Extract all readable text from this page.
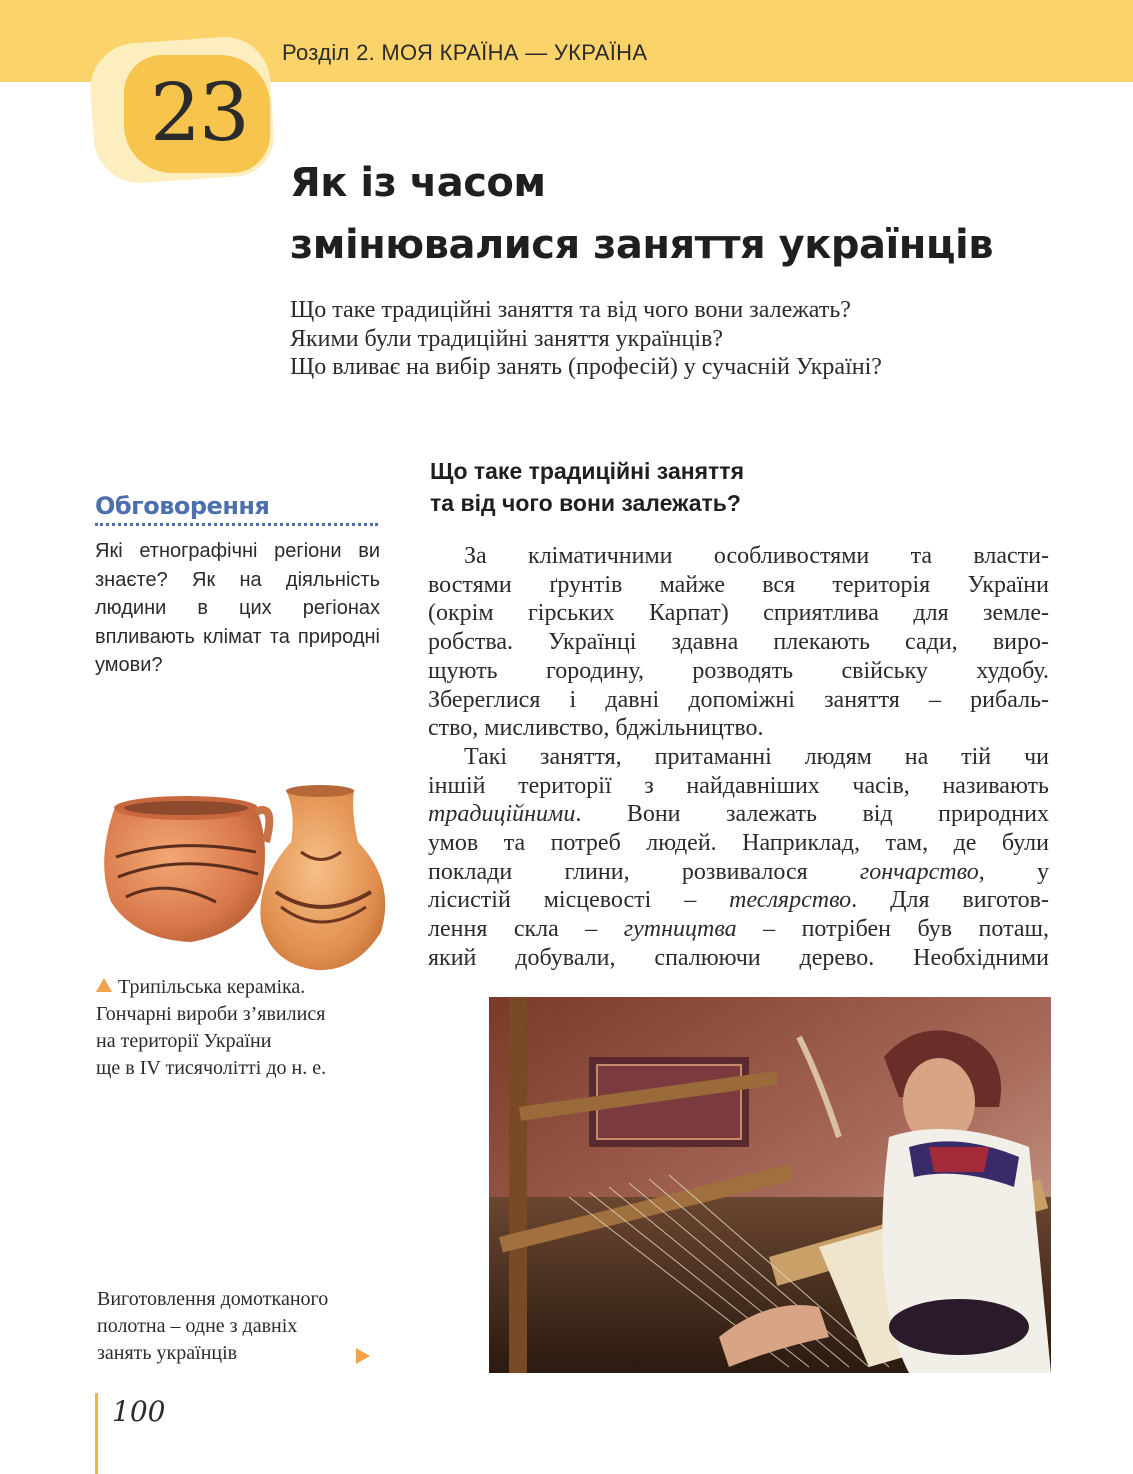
Розділ 2. МОЯ КРАЇНА — УКРАЇНА
23
Як із часом
змінювалися заняття українців
Що таке традиційні заняття та від чого вони залежать?
Якими були традиційні заняття українців?
Що вливає на вибір занять (професій) у сучасній Україні?
Обговорення

Які етнографічні регіони ви знаєте? Як на діяльність людини в цих регіонах впливають клімат та природні умови?

Трипільська кераміка.
Гончарні вироби з’явилися
на території України
ще в IV тисячолітті до н. е.
Що таке традиційні заняття
та від чого вони залежать?
За кліматичними особливостями та власти-
востями ґрунтів майже вся територія України
(окрім гірських Карпат) сприятлива для земле-
робства. Українці здавна плекають сади, виро-
щують городину, розводять свійську худобу.
Збереглися і давні допоміжні заняття – рибаль-
ство, мисливство, бджільництво.
Такі заняття, притаманні людям на тій чи
іншій території з найдавніших часів, називають
традиційними. Вони залежать від природних
умов та потреб людей. Наприклад, там, де були
поклади глини, розвивалося гончарство, у
лісистій місцевості – теслярство. Для виготов-
лення скла – гутництва – потрібен був поташ,
який добували, спалюючи дерево. Необхідними
Виготовлення домотканого
полотна – одне з давніх
занять українців
100
